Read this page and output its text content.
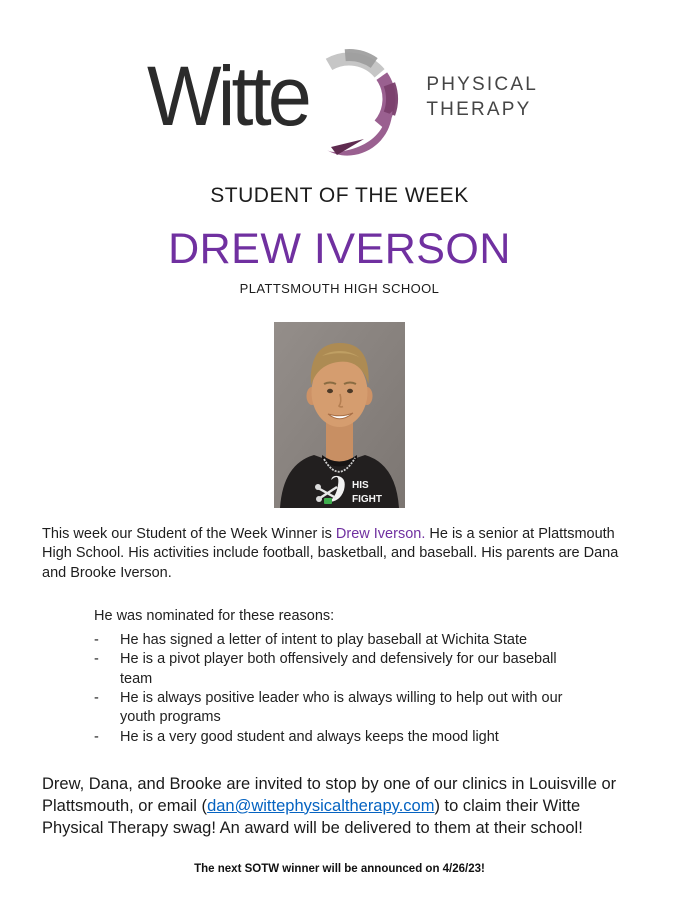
Witte	PHYSICAL
THERAPY
STUDENT OF THE WEEK
DREW IVERSON
PLATTSMOUTH HIGH SCHOOL
HIS
FIGHT

This week our Student of the Week Winner is Drew Iverson. He is a senior at Plattsmouth High School. His activities include football, basketball, and baseball. His parents are Dana and Brooke Iverson.

He was nominated for these reasons:

-	He has signed a letter of intent to play baseball at Wichita State
-	He is a pivot player both offensively and defensively for our baseball team
-	He is always positive leader who is always willing to help out with our youth programs
-	He is a very good student and always keeps the mood light

Drew, Dana, and Brooke are invited to stop by one of our clinics in Louisville or Plattsmouth, or email (dan@wittephysicaltherapy.com) to claim their Witte Physical Therapy swag! An award will be delivered to them at their school!

The next SOTW winner will be announced on 4/26/23!
